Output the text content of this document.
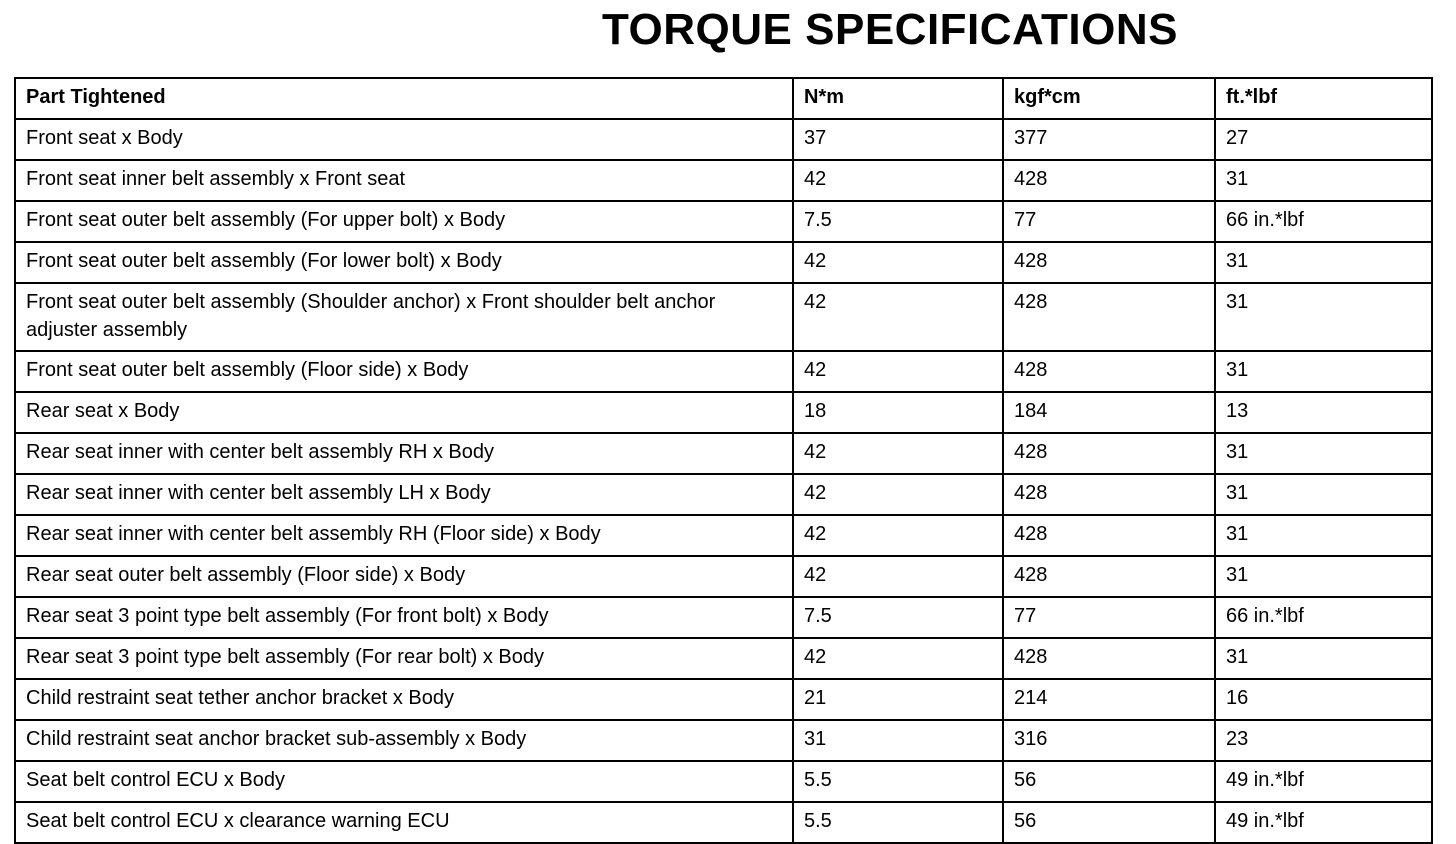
TORQUE SPECIFICATIONS
Part Tightened	N*m	kgf*cm	ft.*lbf
Front seat x Body	37	377	27
Front seat inner belt assembly x Front seat	42	428	31
Front seat outer belt assembly (For upper bolt) x Body	7.5	77	66 in.*lbf
Front seat outer belt assembly (For lower bolt) x Body	42	428	31
Front seat outer belt assembly (Shoulder anchor) x Front shoulder belt anchor adjuster assembly	42	428	31
Front seat outer belt assembly (Floor side) x Body	42	428	31
Rear seat x Body	18	184	13
Rear seat inner with center belt assembly RH x Body	42	428	31
Rear seat inner with center belt assembly LH x Body	42	428	31
Rear seat inner with center belt assembly RH (Floor side) x Body	42	428	31
Rear seat outer belt assembly (Floor side) x Body	42	428	31
Rear seat 3 point type belt assembly (For front bolt) x Body	7.5	77	66 in.*lbf
Rear seat 3 point type belt assembly (For rear bolt) x Body	42	428	31
Child restraint seat tether anchor bracket x Body	21	214	16
Child restraint seat anchor bracket sub-assembly x Body	31	316	23
Seat belt control ECU x Body	5.5	56	49 in.*lbf
Seat belt control ECU x clearance warning ECU	5.5	56	49 in.*lbf
